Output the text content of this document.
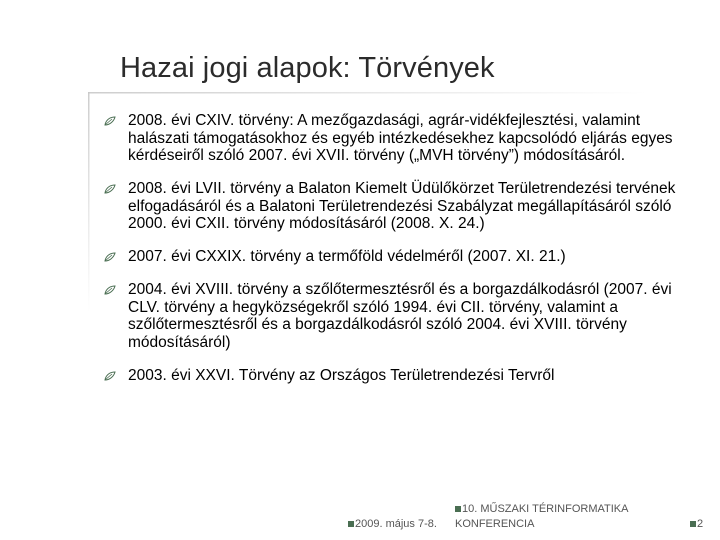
Hazai jogi alapok: Törvények
2008. évi CXIV. törvény: A mezőgazdasági, agrár-vidékfejlesztési, valamint halászati támogatásokhoz és egyéb intézkedésekhez kapcsolódó eljárás egyes kérdéseiről szóló 2007. évi XVII. törvény („MVH törvény”) módosításáról.
2008. évi LVII. törvény a Balaton Kiemelt Üdülőkörzet Területrendezési tervének elfogadásáról és a Balatoni Területrendezési Szabályzat megállapításáról szóló 2000. évi CXII. törvény módosításáról (2008. X. 24.)
2007. évi CXXIX. törvény a termőföld védelméről (2007. XI. 21.)
2004. évi XVIII. törvény a szőlőtermesztésről és a borgazdálkodásról (2007. évi CLV. törvény a hegyközségekről szóló 1994. évi CII. törvény, valamint a szőlőtermesztésről és a borgazdálkodásról szóló 2004. évi XVIII. törvény módosításáról)
2003. évi XXVI. Törvény az Országos Területrendezési Tervről
10. MŰSZAKI TÉRINFORMATIKA
2009. május 7-8. KONFERENCIA	2
